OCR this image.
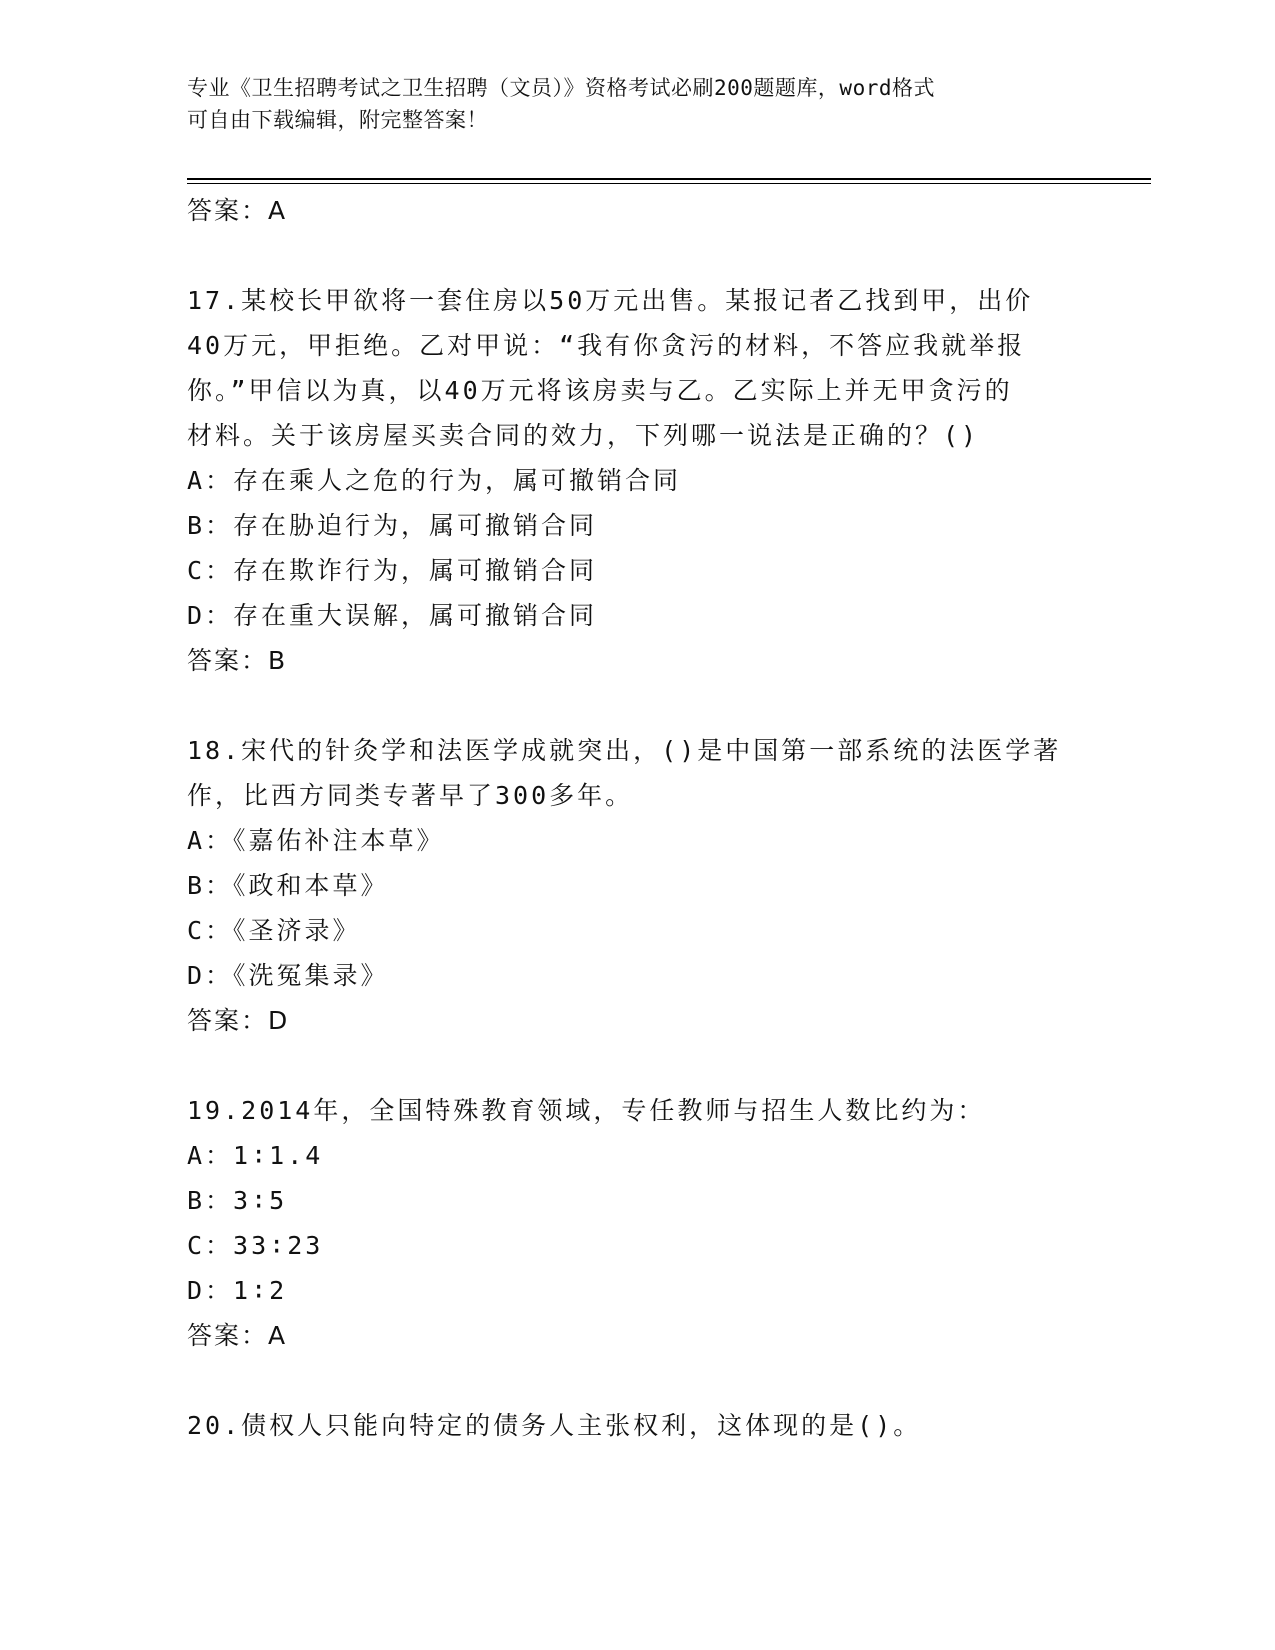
专业《卫生招聘考试之卫生招聘（文员）》资格考试必刷200题题库，word格式
可自由下载编辑，附完整答案！
答案：A
17.某校长甲欲将一套住房以50万元出售。某报记者乙找到甲，出价
40万元，甲拒绝。乙对甲说：“我有你贪污的材料，不答应我就举报
你。”甲信以为真，以40万元将该房卖与乙。乙实际上并无甲贪污的
材料。关于该房屋买卖合同的效力，下列哪一说法是正确的？()
A：存在乘人之危的行为，属可撤销合同
B：存在胁迫行为，属可撤销合同
C：存在欺诈行为，属可撤销合同
D：存在重大误解，属可撤销合同
答案：B
18.宋代的针灸学和法医学成就突出，()是中国第一部系统的法医学著
作，比西方同类专著早了300多年。
A：《嘉佑补注本草》
B：《政和本草》
C：《圣济录》
D：《洗冤集录》
答案：D
19.2014年，全国特殊教育领域，专任教师与招生人数比约为：
A：1∶1.4
B：3∶5
C：33∶23
D：1∶2
答案：A
20.债权人只能向特定的债务人主张权利，这体现的是()。
